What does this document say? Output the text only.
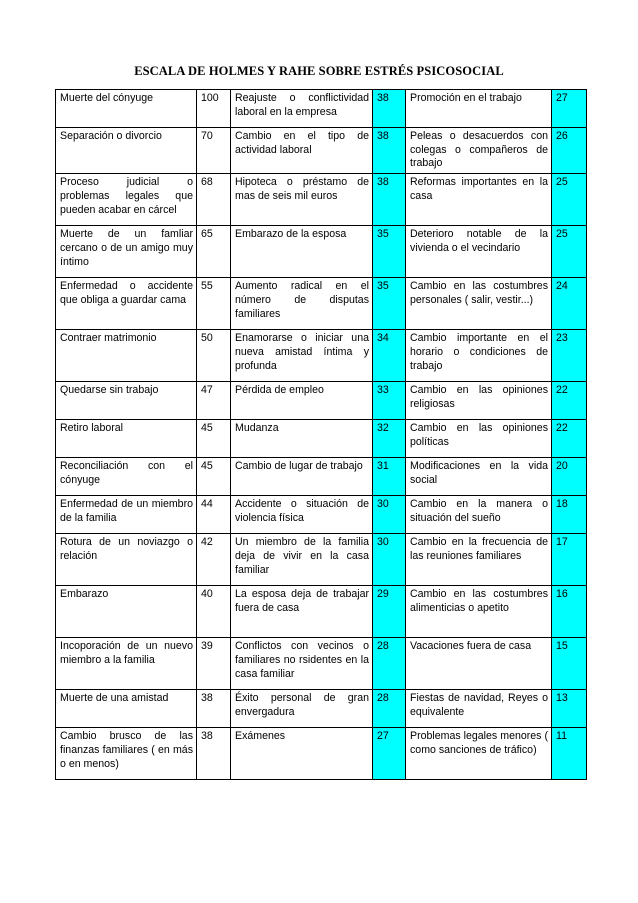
ESCALA DE HOLMES Y RAHE SOBRE ESTRÉS PSICOSOCIAL
Muerte del cónyuge	100	Reajuste o conflictividad laboral en la empresa	38	Promoción en el trabajo	27
Separación o divorcio	70	Cambio en el tipo de actividad laboral	38	Peleas o desacuerdos con colegas o compañeros de trabajo	26
Proceso judicial o problemas legales que pueden acabar en cárcel	68	Hipoteca o préstamo de mas de seis mil euros	38	Reformas importantes en la casa	25
Muerte de un famliar cercano o de un amigo muy íntimo	65	Embarazo de la esposa	35	Deterioro notable de la vivienda o el vecindario	25
Enfermedad o accidente que obliga a guardar cama	55	Aumento radical en el número de disputas familiares	35	Cambio en las costumbres personales ( salir, vestir...)	24
Contraer matrimonio	50	Enamorarse o iniciar una nueva amistad íntima y profunda	34	Cambio importante en el horario o condiciones de trabajo	23
Quedarse sin trabajo	47	Pérdida de empleo	33	Cambio en las opiniones religiosas	22
Retiro laboral	45	Mudanza	32	Cambio en las opiniones políticas	22
Reconciliación con el cónyuge	45	Cambio de lugar de trabajo	31	Modificaciones en la vida social	20
Enfermedad de un miembro de la familia	44	Accidente o situación de violencia física	30	Cambio en la manera o situación del sueño	18
Rotura de un noviazgo o relación	42	Un miembro de la familia deja de vivir en la casa familiar	30	Cambio en la frecuencia de las reuniones familiares	17
Embarazo	40	La esposa deja de trabajar fuera de casa	29	Cambio en las costumbres alimenticias o apetito	16
Incoporación de un nuevo miembro a la familia	39	Conflictos con vecinos o familiares no rsidentes en la casa familiar	28	Vacaciones fuera de casa	15
Muerte de una amistad	38	Éxito personal de gran envergadura	28	Fiestas de navidad, Reyes o equivalente	13
Cambio brusco de las finanzas familiares ( en más o en menos)	38	Exámenes	27	Problemas legales menores ( como sanciones de tráfico)	11
